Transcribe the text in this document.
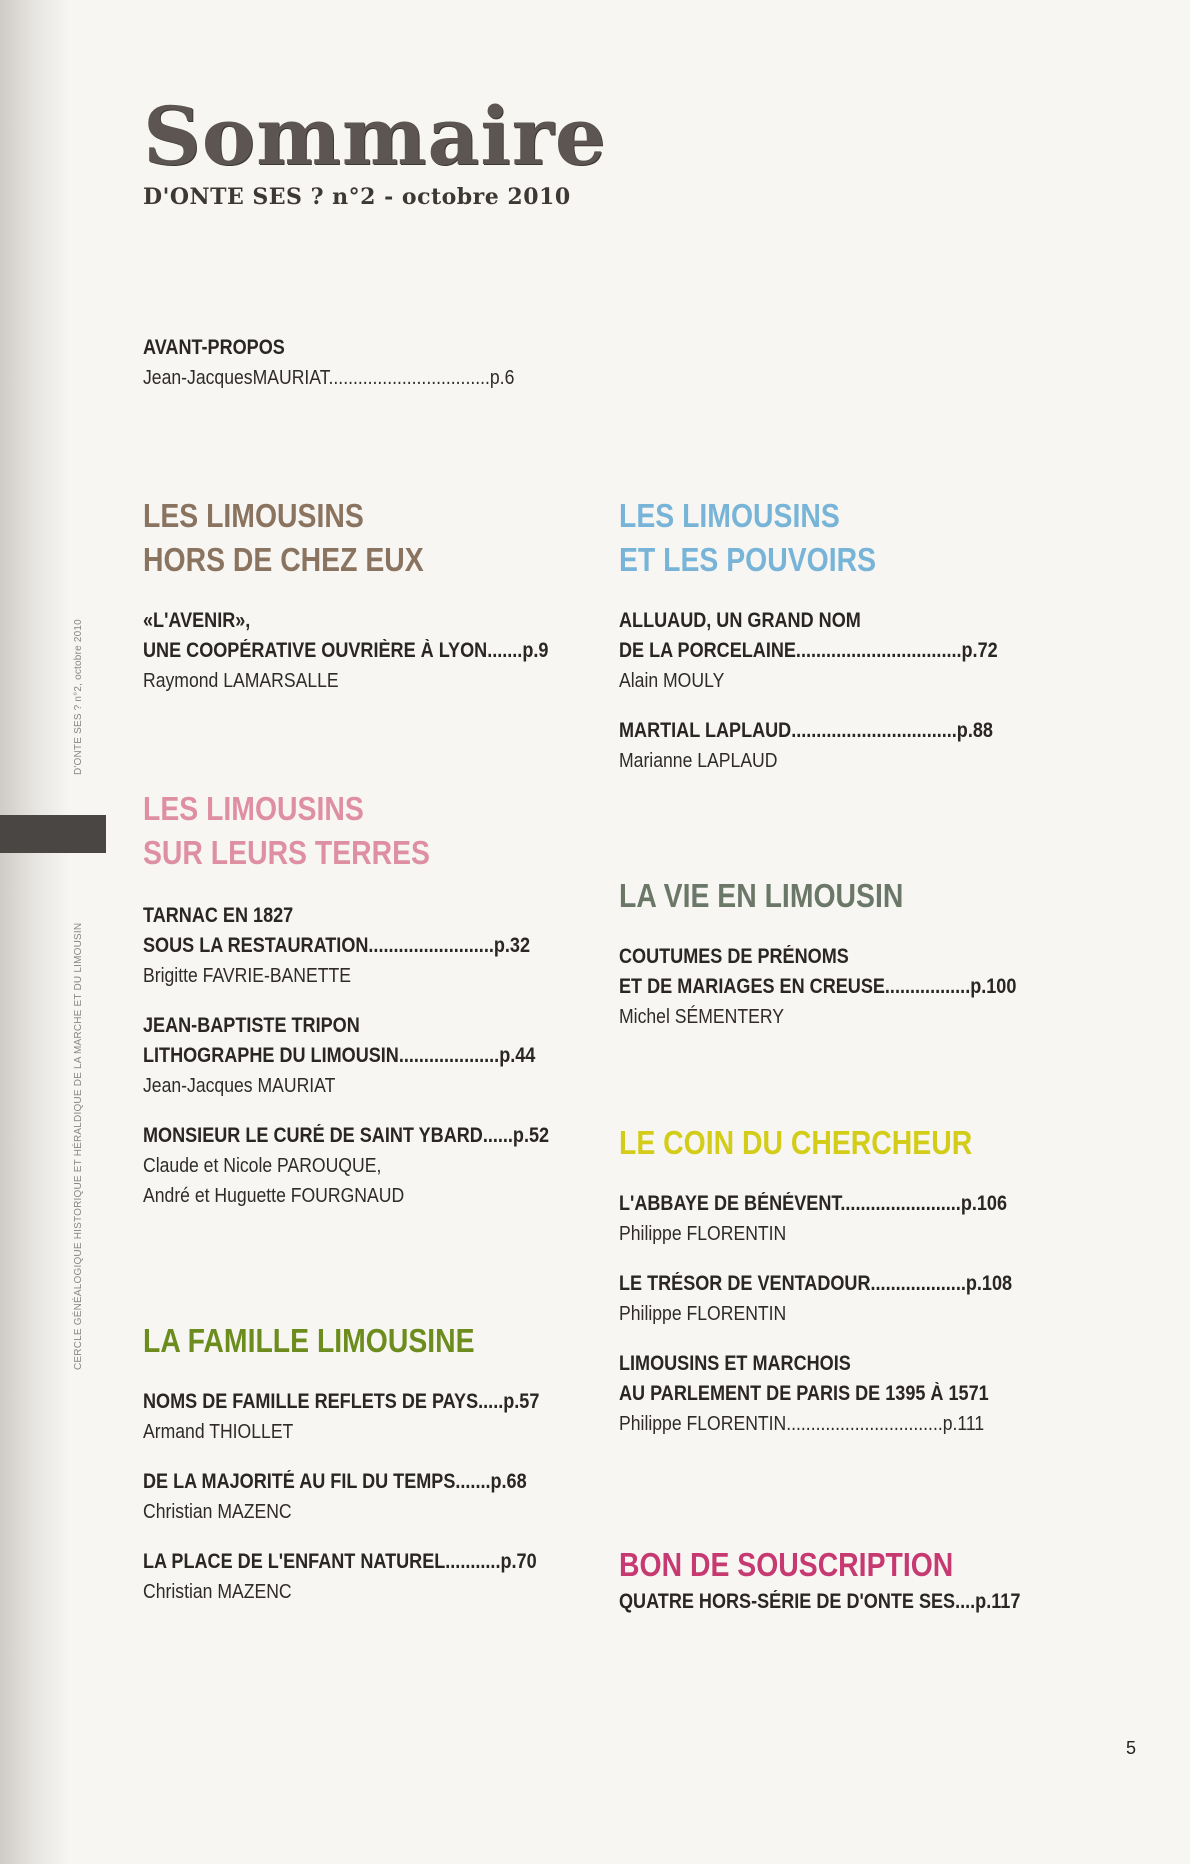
D'ONTE SES ? n°2, octobre 2010
CERCLE GÉNÉALOGIQUE HISTORIQUE ET HÉRALDIQUE DE LA MARCHE ET DU LIMOUSIN
Sommaire
D'ONTE SES ? n°2 - octobre 2010
AVANT-PROPOS
Jean-JacquesMAURIAT.................................p.6
LES LIMOUSINS
HORS DE CHEZ EUX
«L'AVENIR»,
UNE COOPÉRATIVE OUVRIÈRE À LYON.......p.9
Raymond LAMARSALLE
LES LIMOUSINS
SUR LEURS TERRES
TARNAC EN 1827
SOUS LA RESTAURATION.........................p.32
Brigitte FAVRIE-BANETTE
JEAN-BAPTISTE TRIPON
LITHOGRAPHE DU LIMOUSIN....................p.44
Jean-Jacques MAURIAT
MONSIEUR LE CURÉ DE SAINT YBARD......p.52
Claude et Nicole PAROUQUE,
André et Huguette FOURGNAUD
LA FAMILLE LIMOUSINE
NOMS DE FAMILLE REFLETS DE PAYS.....p.57
Armand THIOLLET
DE LA MAJORITÉ AU FIL DU TEMPS.......p.68
Christian MAZENC
LA PLACE DE L'ENFANT NATUREL...........p.70
Christian MAZENC
LES LIMOUSINS
ET LES POUVOIRS
ALLUAUD, UN GRAND NOM
DE LA PORCELAINE.................................p.72
Alain MOULY
MARTIAL LAPLAUD.................................p.88
Marianne LAPLAUD
LA VIE EN LIMOUSIN
COUTUMES DE PRÉNOMS
ET DE MARIAGES EN CREUSE.................p.100
Michel SÉMENTERY
LE COIN DU CHERCHEUR
L'ABBAYE DE BÉNÉVENT........................p.106
Philippe FLORENTIN
LE TRÉSOR DE VENTADOUR...................p.108
Philippe FLORENTIN
LIMOUSINS ET MARCHOIS
AU PARLEMENT DE PARIS DE 1395 À 1571
Philippe FLORENTIN................................p.111
BON DE SOUSCRIPTION
QUATRE HORS-SÉRIE DE D'ONTE SES....p.117
5
